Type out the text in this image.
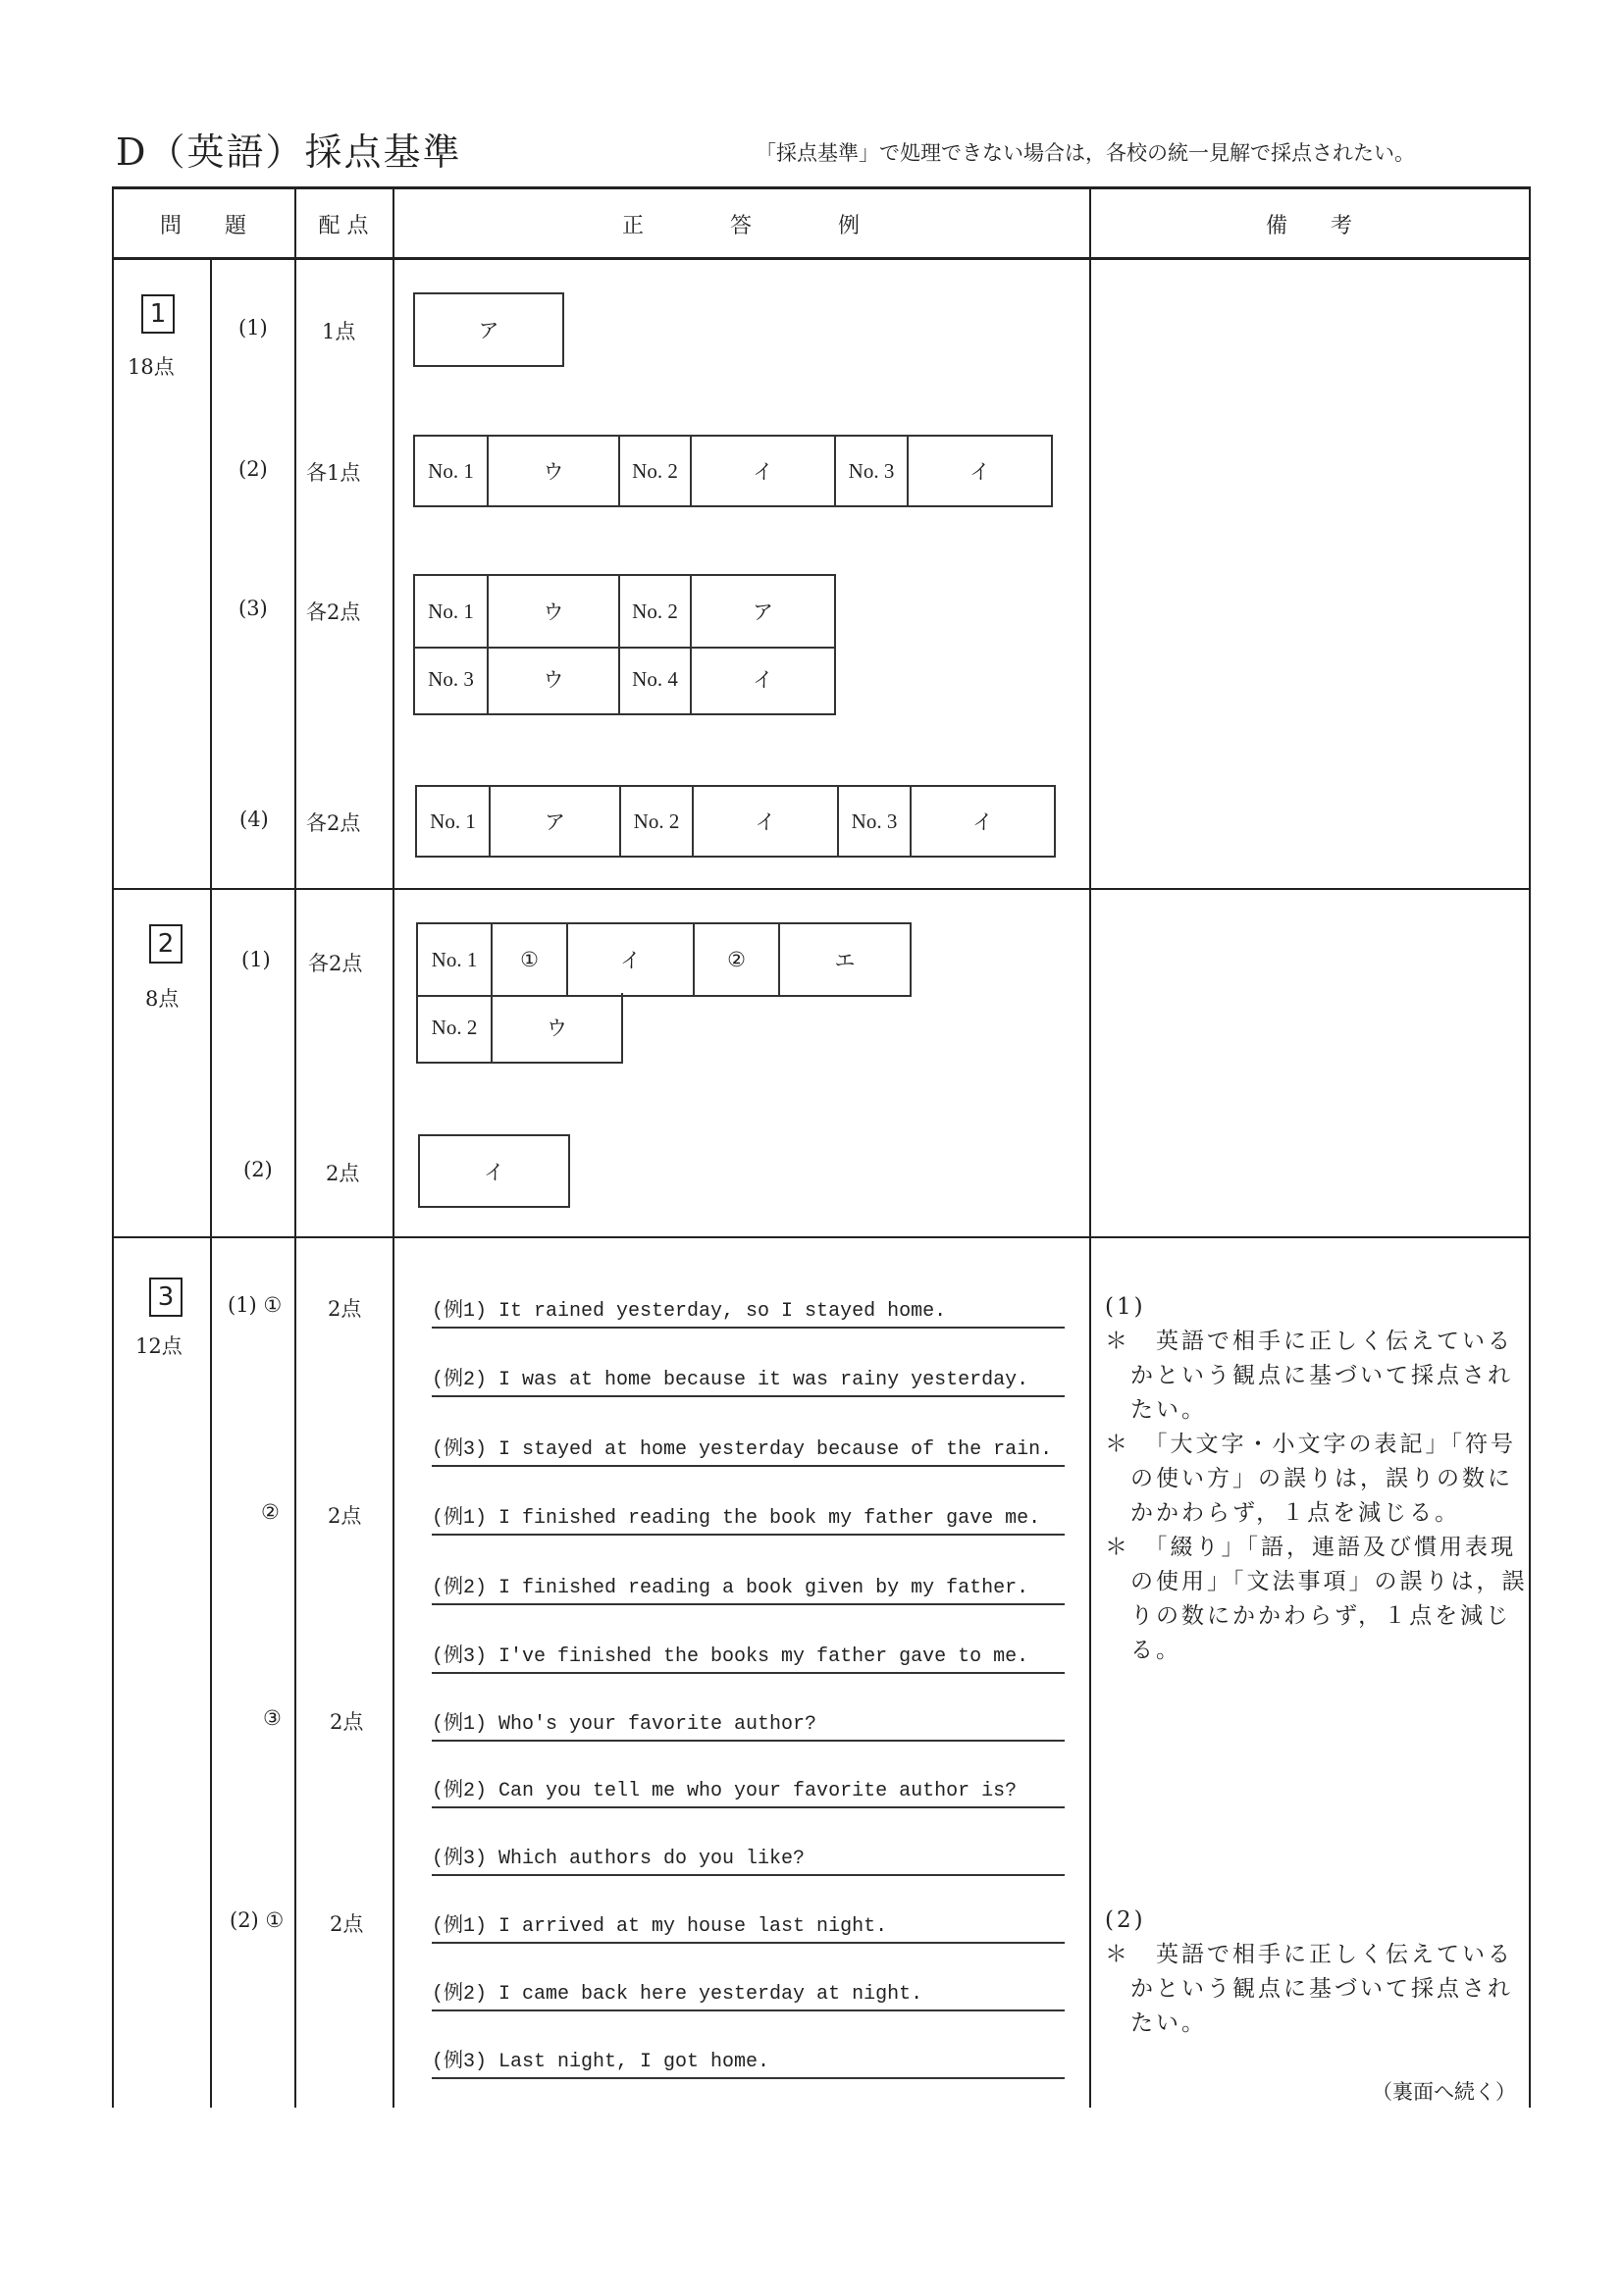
D（英語）採点基準	「採点基準」で処理できない場合は，各校の統一見解で採点されたい。
問　　題	配 点	正　　　　答　　　　例	備　　考
1
18点
(1)	1点	ア
(2) 各1点	No. 1	ウ	No. 2	イ	No. 3	イ
(3) 各2点	No. 1	ウ	No. 2	ア
No. 3	ウ	No. 4	イ
(4) 各2点	No. 1	ア	No. 2	イ	No. 3	イ
2
8点
(1) 各2点	No. 1	①	イ	②	エ
No. 2	ウ
(2)	2点	イ
3
12点
(1) ① 2点	(例1) It rained yesterday, so I stayed home.
(例2) I was at home because it was rainy yesterday.
(例3) I stayed at home yesterday because of the rain.
② 2点	(例1) I finished reading the book my father gave me.
(例2) I finished reading a book given by my father.
(例3) I've finished the books my father gave to me.
③ 2点	(例1) Who's your favorite author?
(例2) Can you tell me who your favorite author is?
(例3) Which authors do you like?
(2) ① 2点	(例1) I arrived at my house last night.
(例2) I came back here yesterday at night.
(例3) Last night, I got home.
(1)
＊　英語で相手に正しく伝えている
　かという観点に基づいて採点され
　たい。
＊　「大文字・小文字の表記」「符号
　の使い方」の誤りは，誤りの数に
　かかわらず，１点を減じる。
＊　「綴り」「語，連語及び慣用表現
　の使用」「文法事項」の誤りは，誤
　りの数にかかわらず，１点を減じ
　る。
(2)
＊　英語で相手に正しく伝えている
　かという観点に基づいて採点され
　たい。
（裏面へ続く）
